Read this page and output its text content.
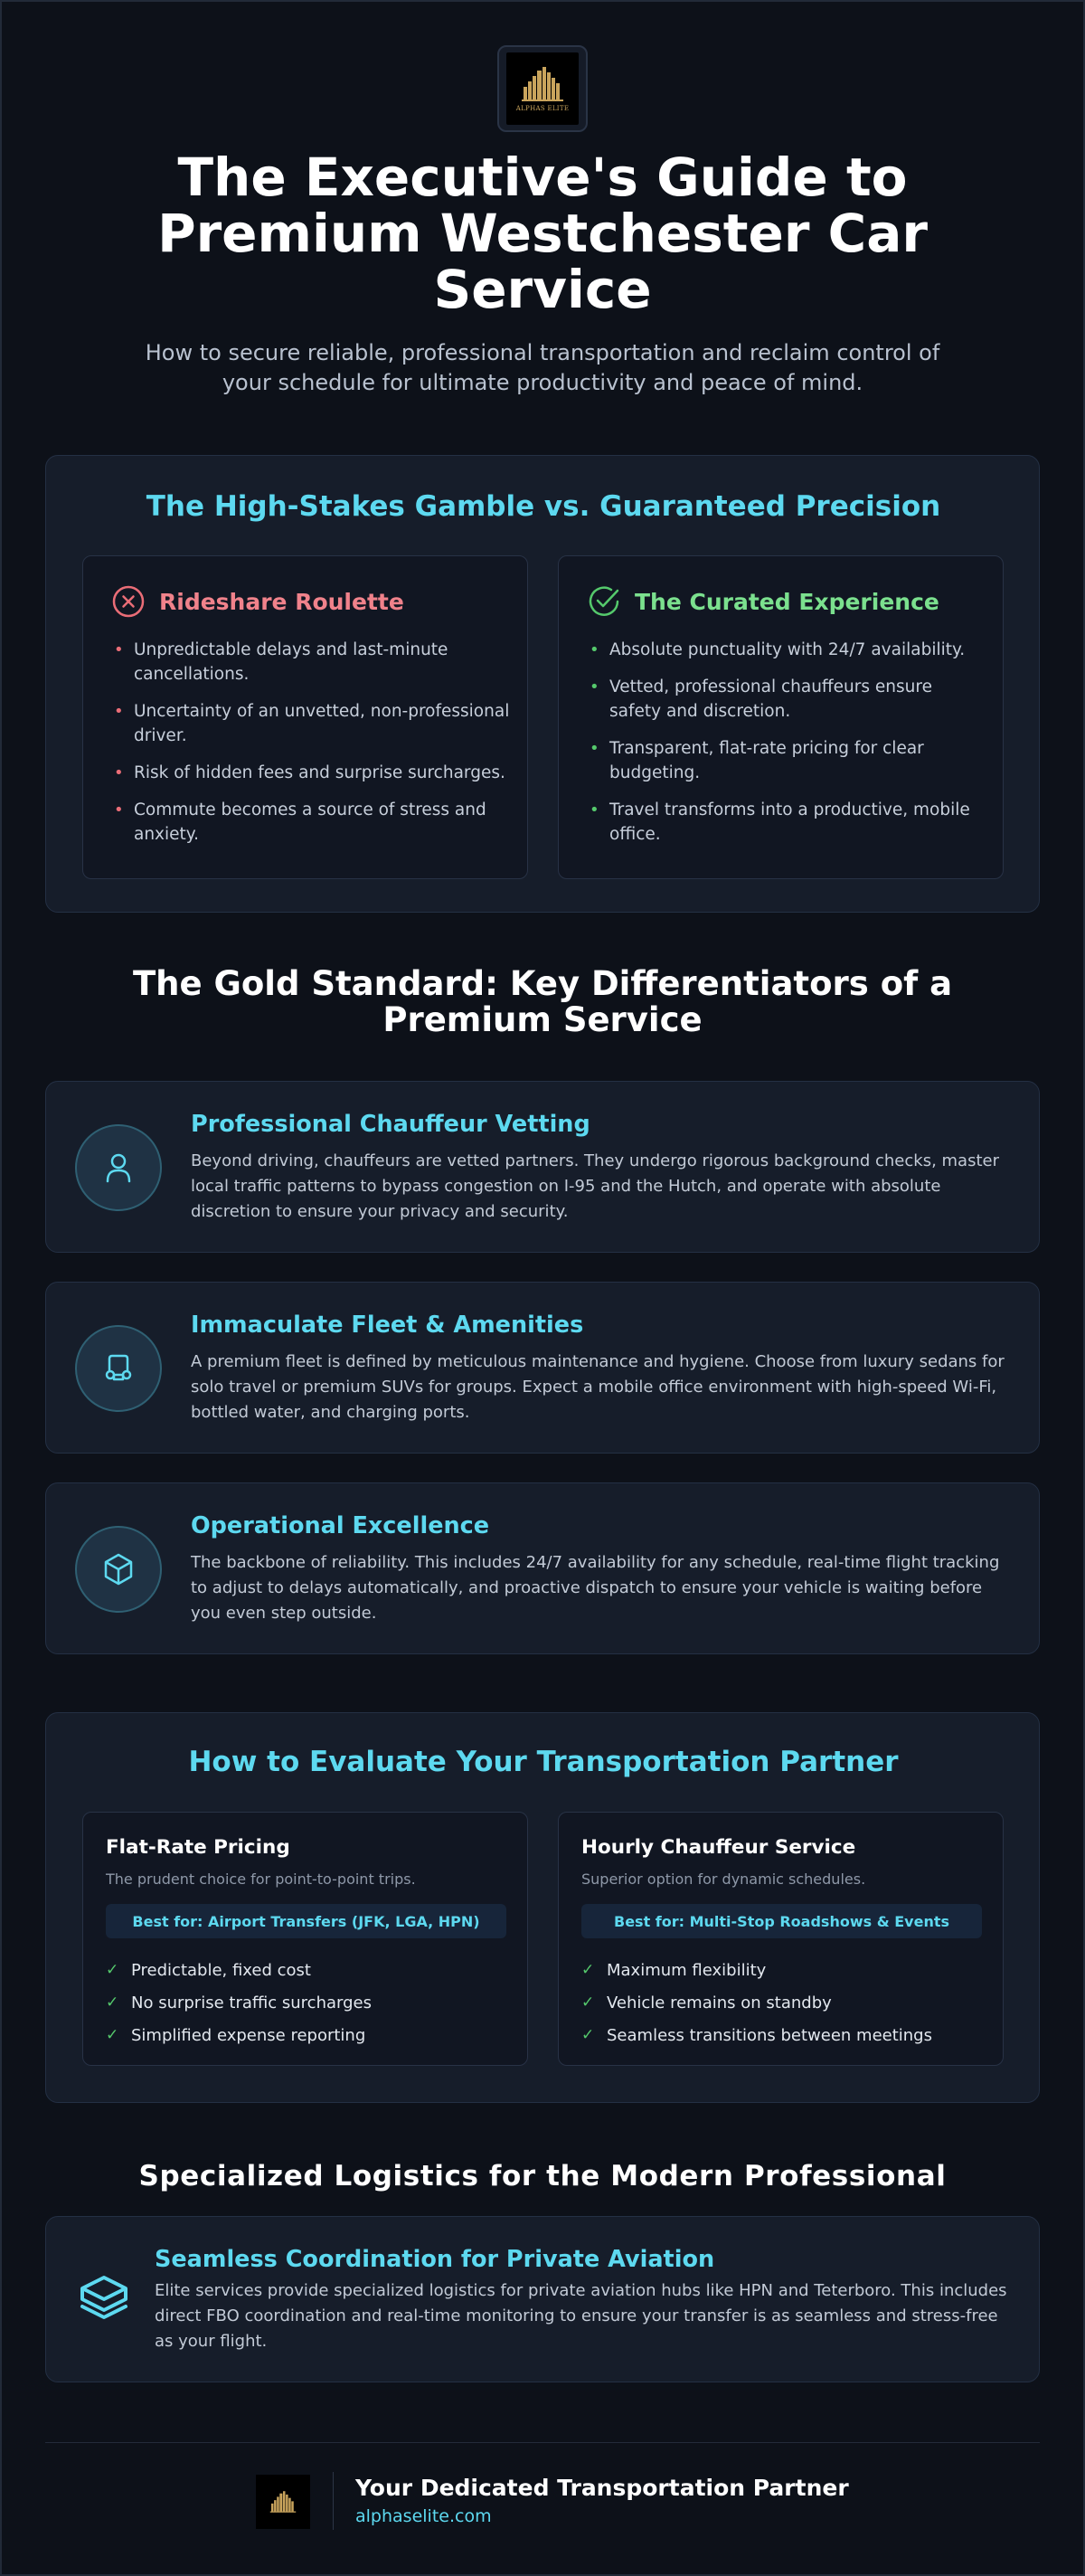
ALPHAS ELITE
The Executive's Guide to
Premium Westchester Car
Service

How to secure reliable, professional transportation and reclaim control of your schedule for ultimate productivity and peace of mind.

The High-Stakes Gamble vs. Guaranteed Precision
Rideshare Roulette
• Unpredictable delays and last-minute cancellations.
• Uncertainty of an unvetted, non-professional driver.
• Risk of hidden fees and surprise surcharges.
• Commute becomes a source of stress and anxiety.
The Curated Experience
• Absolute punctuality with 24/7 availability.
• Vetted, professional chauffeurs ensure safety and discretion.
• Transparent, flat-rate pricing for clear budgeting.
• Travel transforms into a productive, mobile office.
The Gold Standard: Key Differentiators of a
Premium Service
Professional Chauffeur Vetting

Beyond driving, chauffeurs are vetted partners. They undergo rigorous background checks, master local traffic patterns to bypass congestion on I-95 and the Hutch, and operate with absolute discretion to ensure your privacy and security.

Immaculate Fleet & Amenities

A premium fleet is defined by meticulous maintenance and hygiene. Choose from luxury sedans for solo travel or premium SUVs for groups. Expect a mobile office environment with high-speed Wi-Fi, bottled water, and charging ports.

Operational Excellence

The backbone of reliability. This includes 24/7 availability for any schedule, real-time flight tracking to adjust to delays automatically, and proactive dispatch to ensure your vehicle is waiting before you even step outside.

How to Evaluate Your Transportation Partner
Flat-Rate Pricing

The prudent choice for point-to-point trips.

Best for: Airport Transfers (JFK, LGA, HPN)
✓ Predictable, fixed cost
✓ No surprise traffic surcharges
✓ Simplified expense reporting
Hourly Chauffeur Service

Superior option for dynamic schedules.

Best for: Multi-Stop Roadshows & Events
✓ Maximum flexibility
✓ Vehicle remains on standby
✓ Seamless transitions between meetings
Specialized Logistics for the Modern Professional
Seamless Coordination for Private Aviation

Elite services provide specialized logistics for private aviation hubs like HPN and Teterboro. This includes direct FBO coordination and real-time monitoring to ensure your transfer is as seamless and stress-free as your flight.

Your Dedicated Transportation Partner
alphaselite.com
